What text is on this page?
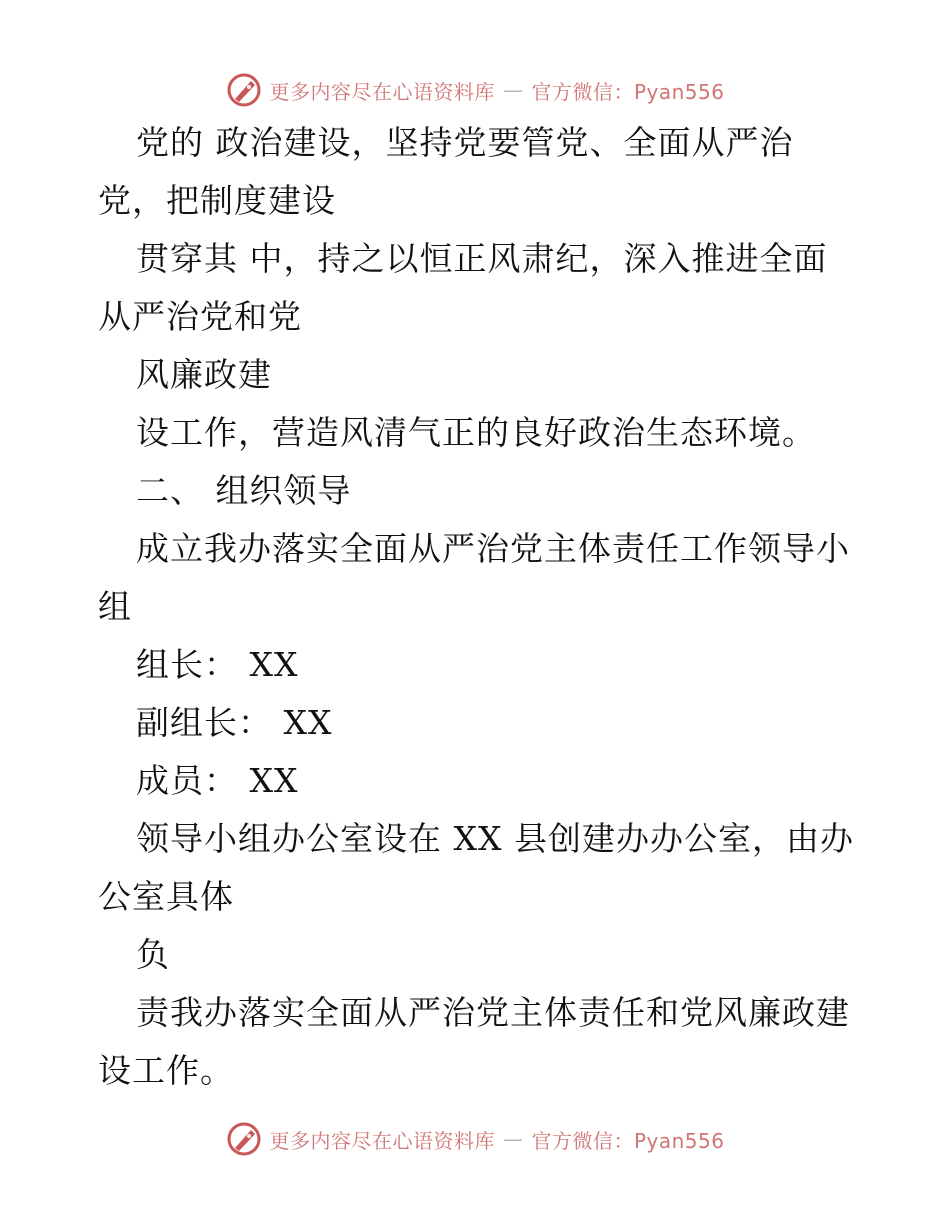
更多内容尽在心语资料库 — 官方微信：Pyan556
党的 政治建设，坚持党要管党、全面从严治
党，把制度建设
贯穿其 中，持之以恒正风肃纪，深入推进全面
从严治党和党
风廉政建
设工作，营造风清气正的良好政治生态环境。
二、 组织领导
成立我办落实全面从严治党主体责任工作领导小
组
组长： XX
副组长： XX
成员： XX
领导小组办公室设在 XX 县创建办办公室，由办
公室具体
负
责我办落实全面从严治党主体责任和党风廉政建
设工作。
更多内容尽在心语资料库 — 官方微信：Pyan556
